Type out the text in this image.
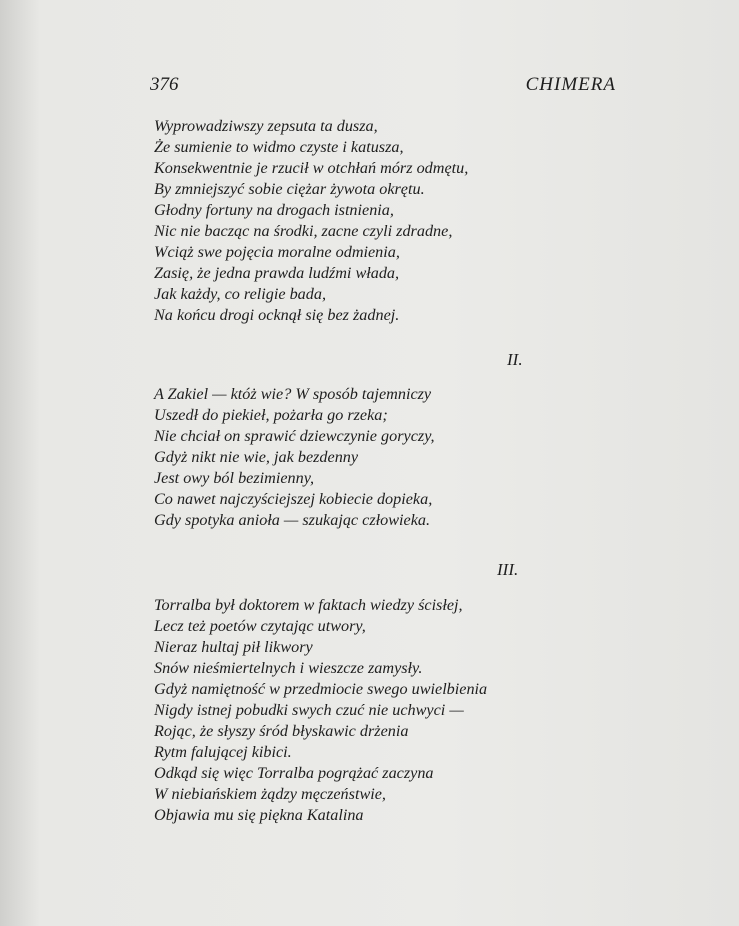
376	CHIMERA
Wyprowadziwszy zepsuta ta dusza,
Że sumienie to widmo czyste i katusza,
Konsekwentnie je rzucił w otchłań mórz odmętu,
By zmniejszyć sobie ciężar żywota okrętu.
Głodny fortuny na drogach istnienia,
Nic nie bacząc na środki, zacne czyli zdradne,
Wciąż swe pojęcia moralne odmienia,
Zasię, że jedna prawda ludźmi włada,
Jak każdy, co religie bada,
Na końcu drogi ocknął się bez żadnej.
II.
A Zakiel — któż wie? W sposób tajemniczy
Uszedł do piekieł, pożarła go rzeka;
Nie chciał on sprawić dziewczynie goryczy,
Gdyż nikt nie wie, jak bezdenny
Jest owy ból bezimienny,
Co nawet najczyściejszej kobiecie dopieka,
Gdy spotyka anioła — szukając człowieka.
III.
Torralba był doktorem w faktach wiedzy ścisłej,
Lecz też poetów czytając utwory,
Nieraz hultaj pił likwory
Snów nieśmiertelnych i wieszcze zamysły.
Gdyż namiętność w przedmiocie swego uwielbienia
Nigdy istnej pobudki swych czuć nie uchwyci —
Rojąc, że słyszy śród błyskawic drżenia
Rytm falującej kibici.
Odkąd się więc Torralba pogrążać zaczyna
W niebiańskiem żądzy męczeństwie,
Objawia mu się piękna Katalina
